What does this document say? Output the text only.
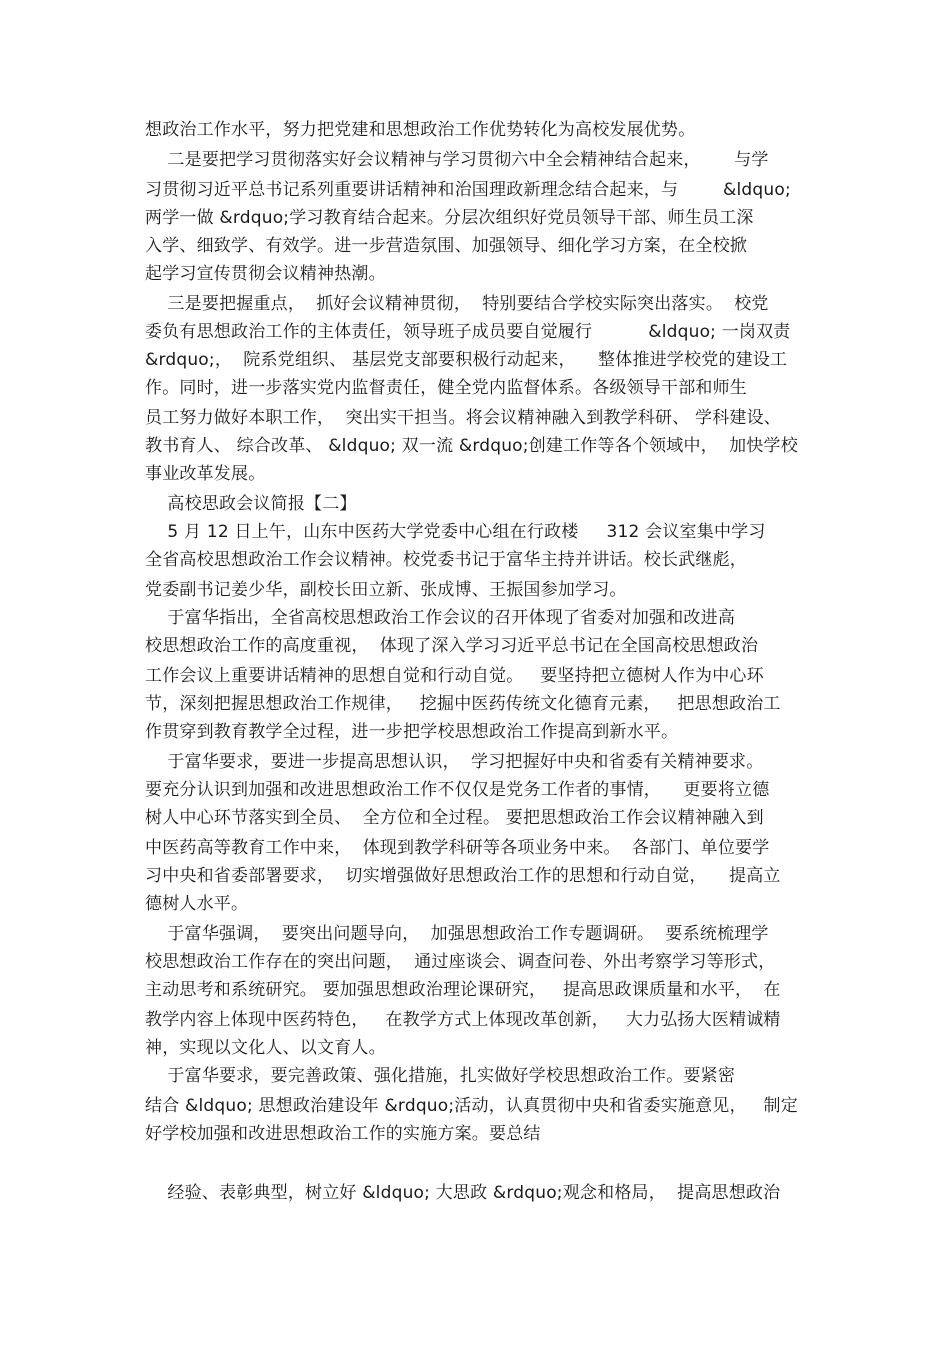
想政治工作水平，努力把党建和思想政治工作优势转化为高校发展优势。
二是要把学习贯彻落实好会议精神与学习贯彻六中全会精神结合起来，      与学
习贯彻习近平总书记系列重要讲话精神和治国理政新理念结合起来，与        &ldquo;
两学一做 &rdquo;学习教育结合起来。分层次组织好党员领导干部、师生员工深
入学、细致学、有效学。进一步营造氛围、加强领导、细化学习方案，在全校掀
起学习宣传贯彻会议精神热潮。
三是要把握重点，  抓好会议精神贯彻，  特别要结合学校实际突出落实。  校党
委负有思想政治工作的主体责任，领导班子成员要自觉履行          &ldquo; 一岗双责
&rdquo;，  院系党组织、 基层党支部要积极行动起来，    整体推进学校党的建设工
作。同时，进一步落实党内监督责任，健全党内监督体系。各级领导干部和师生
员工努力做好本职工作，  突出实干担当。将会议精神融入到教学科研、 学科建设、
教书育人、 综合改革、 &ldquo; 双一流 &rdquo;创建工作等各个领域中，  加快学校
事业改革发展。
高校思政会议简报【二】
5 月 12 日上午，山东中医药大学党委中心组在行政楼     312 会议室集中学习
全省高校思想政治工作会议精神。校党委书记于富华主持并讲话。校长武继彪，
党委副书记姜少华，副校长田立新、张成博、王振国参加学习。
于富华指出，全省高校思想政治工作会议的召开体现了省委对加强和改进高
校思想政治工作的高度重视，  体现了深入学习习近平总书记在全国高校思想政治
工作会议上重要讲话精神的思想自觉和行动自觉。   要坚持把立德树人作为中心环
节，深刻把握思想政治工作规律，   挖掘中医药传统文化德育元素，   把思想政治工
作贯穿到教育教学全过程，进一步把学校思想政治工作提高到新水平。
于富华要求，要进一步提高思想认识，  学习把握好中央和省委有关精神要求。
要充分认识到加强和改进思想政治工作不仅仅是党务工作者的事情，    更要将立德
树人中心环节落实到全员、  全方位和全过程。 要把思想政治工作会议精神融入到
中医药高等教育工作中来，  体现到教学科研等各项业务中来。  各部门、单位要学
习中央和省委部署要求，  切实增强做好思想政治工作的思想和行动自觉，    提高立
德树人水平。
于富华强调，  要突出问题导向，  加强思想政治工作专题调研。  要系统梳理学
校思想政治工作存在的突出问题，  通过座谈会、调查问卷、外出考察学习等形式，
主动思考和系统研究。 要加强思想政治理论课研究，   提高思政课质量和水平，  在
教学内容上体现中医药特色，   在教学方式上体现改革创新，   大力弘扬大医精诚精
神，实现以文化人、以文育人。
于富华要求，要完善政策、强化措施，扎实做好学校思想政治工作。要紧密
结合 &ldquo; 思想政治建设年 &rdquo;活动，认真贯彻中央和省委实施意见，   制定
好学校加强和改进思想政治工作的实施方案。要总结
经验、表彰典型，树立好 &ldquo; 大思政 &rdquo;观念和格局，  提高思想政治
